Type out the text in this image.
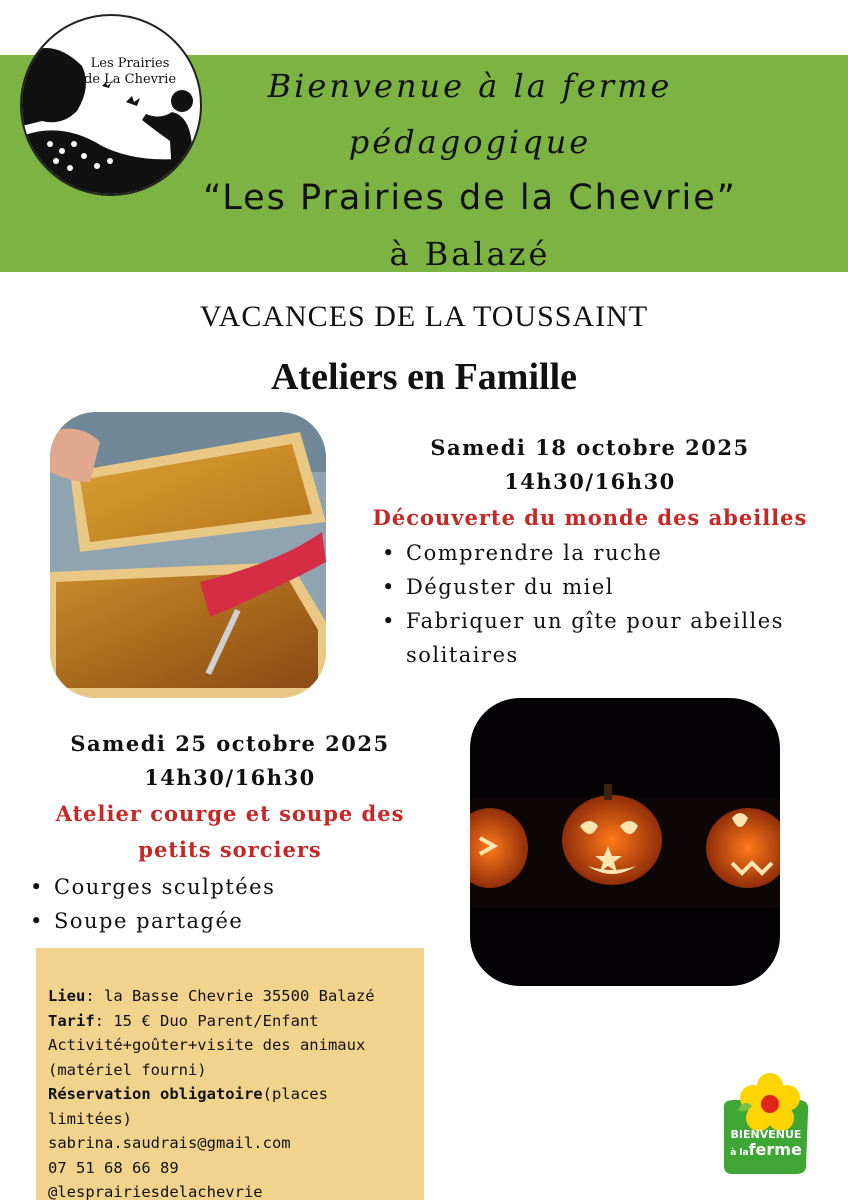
Bienvenue à la ferme
pédagogique
“Les Prairies de la Chevrie”
à Balazé
Les Prairies
de La Chevrie
VACANCES DE LA TOUSSAINT
Ateliers en Famille
Samedi 18 octobre 2025
14h30/16h30
Découverte du monde des abeilles
• Comprendre la ruche
• Déguster du miel
• Fabriquer un gîte pour abeilles
solitaires
Samedi 25 octobre 2025
14h30/16h30
Atelier courge et soupe des
petits sorciers
• Courges sculptées
• Soupe partagée
Lieu: la Basse Chevrie 35500 Balazé
Tarif: 15 € Duo Parent/Enfant
Activité+goûter+visite des animaux
(matériel fourni)
Réservation obligatoire(places
limitées)
sabrina.saudrais@gmail.com
07 51 68 66 89
@lesprairiesdelachevrie
BIENVENUE
à laferme
